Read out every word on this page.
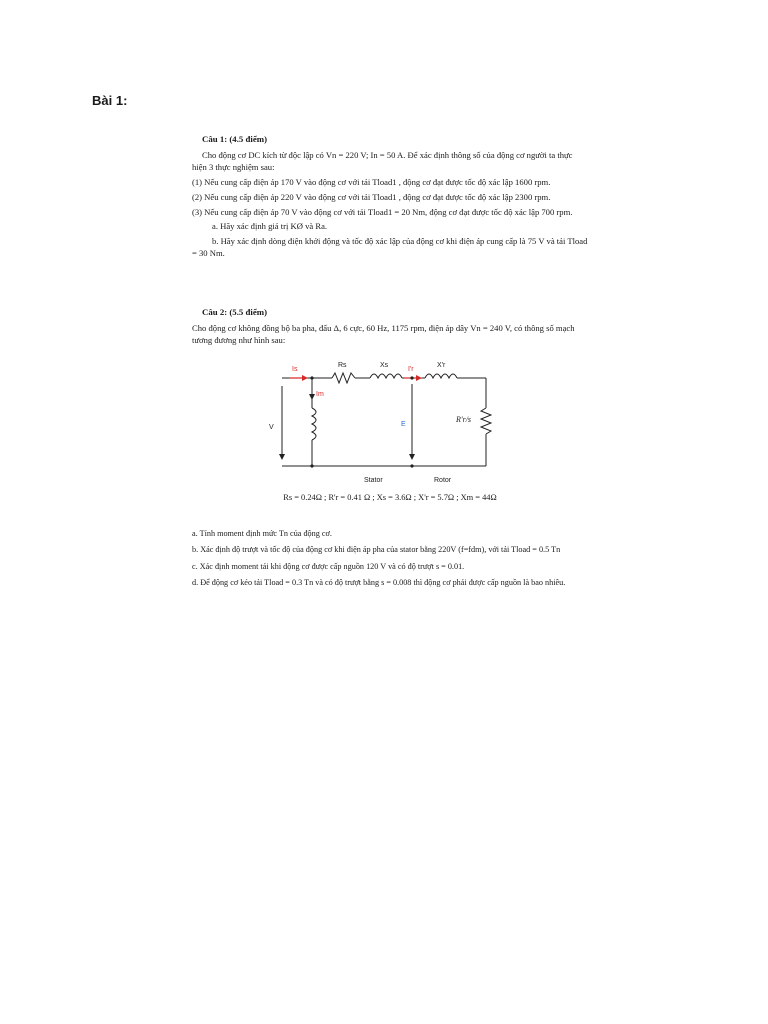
Bài 1:
Câu 1: (4.5 điểm)

Cho động cơ DC kích từ độc lập có Vn = 220 V; In = 50 A. Để xác định thông số của động cơ người ta thực hiện 3 thực nghiệm sau:

(1) Nếu cung cấp điện áp 170 V vào động cơ với tải Tload1 , động cơ đạt được tốc độ xác lập 1600 rpm.

(2) Nếu cung cấp điện áp 220 V vào động cơ với tải Tload1 , động cơ đạt được tốc độ xác lập 2300 rpm.

(3) Nếu cung cấp điện áp 70 V vào động cơ với tải Tload1 = 20 Nm, động cơ đạt được tốc độ xác lập 700 rpm.

a. Hãy xác định giá trị KØ và Ra.

b. Hãy xác định dòng điện khởi động và tốc độ xác lập của động cơ khi điện áp cung cấp là 75 V và tải Tload = 30 Nm.

Câu 2: (5.5 điểm)

Cho động cơ không đồng bộ ba pha, đấu Δ, 6 cực, 60 Hz, 1175 rpm, điện áp dây Vn = 240 V, có thông số mạch tương đương như hình sau:

Is
Im
I'r
Rs	Xs	X'r
V	E
R'r/s
Stator	Rotor
Rs = 0.24Ω ; R'r = 0.41 Ω ; Xs = 3.6Ω ; X'r = 5.7Ω ; Xm = 44Ω

a. Tính moment định mức Tn của động cơ.

b. Xác định độ trượt và tốc độ của động cơ khi điện áp pha của stator bằng 220V (f=fdm), với tải Tload = 0.5 Tn

c. Xác định moment tải khi động cơ được cấp nguồn 120 V và có độ trượt s = 0.01.

d. Để động cơ kéo tải Tload = 0.3 Tn và có độ trượt bằng s = 0.008 thì động cơ phải được cấp nguồn là bao nhiêu.
